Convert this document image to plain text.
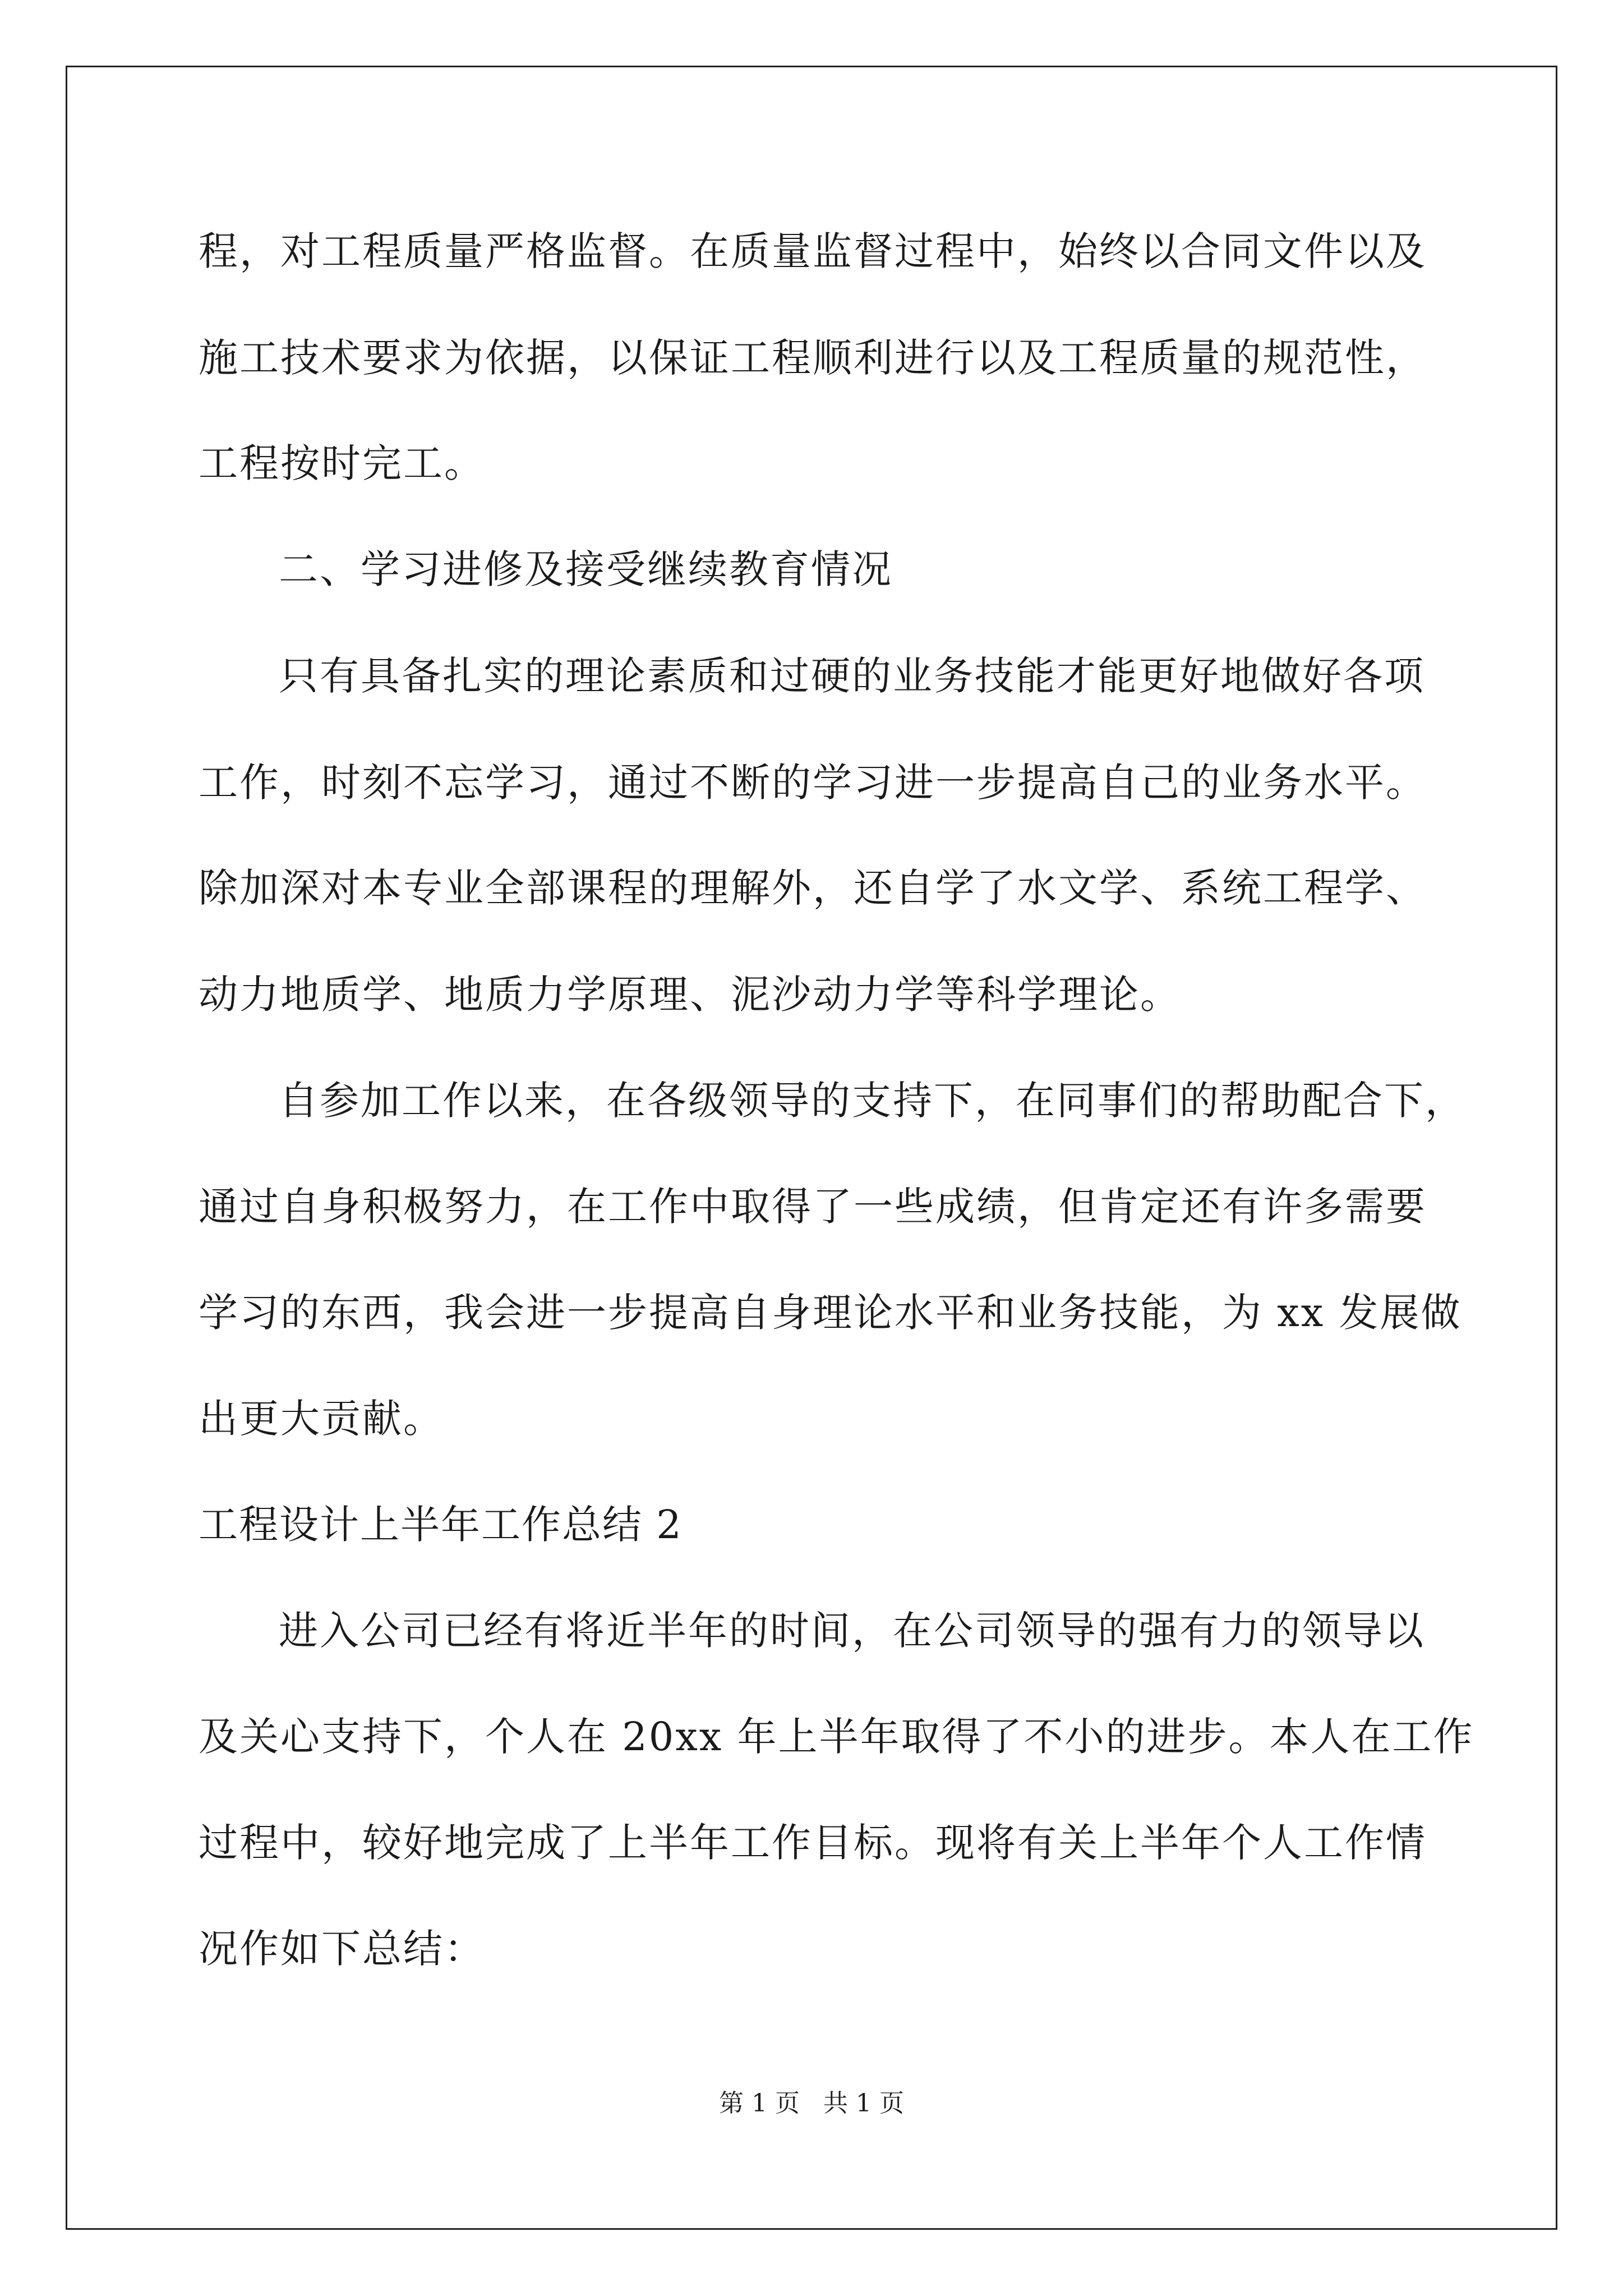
程，对工程质量严格监督。在质量监督过程中，始终以合同文件以及
施工技术要求为依据，以保证工程顺利进行以及工程质量的规范性，
工程按时完工。
二、学习进修及接受继续教育情况
只有具备扎实的理论素质和过硬的业务技能才能更好地做好各项
工作，时刻不忘学习，通过不断的学习进一步提高自己的业务水平。
除加深对本专业全部课程的理解外，还自学了水文学、系统工程学、
动力地质学、地质力学原理、泥沙动力学等科学理论。
自参加工作以来，在各级领导的支持下，在同事们的帮助配合下，
通过自身积极努力，在工作中取得了一些成绩，但肯定还有许多需要
学习的东西，我会进一步提高自身理论水平和业务技能，为 xx 发展做
出更大贡献。
工程设计上半年工作总结 2
进入公司已经有将近半年的时间，在公司领导的强有力的领导以
及关心支持下，个人在 20xx 年上半年取得了不小的进步。本人在工作
过程中，较好地完成了上半年工作目标。现将有关上半年个人工作情
况作如下总结：
第 1 页   共 1 页
